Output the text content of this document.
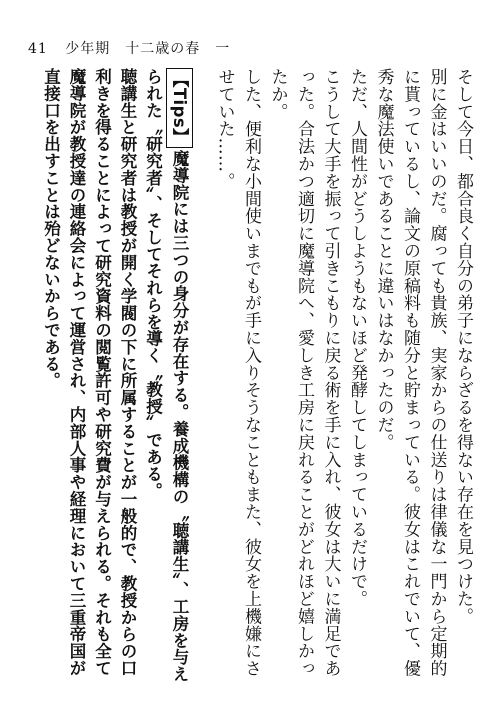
41 少年期　十二歳の春　一

そして今日、都合良く自分の弟子にならざるを得ない存在を見つけた。

別に金はいいのだ。腐っても貴族、実家からの仕送りは律儀な一門から定期的に貰っているし、論文の原稿料も随分と貯まっている。彼女はこれでいて、優秀な魔法使いであることに違いはなかったのだ。

ただ、人間性がどうしようもないほど発酵してしまっているだけで。

こうして大手を振って引きこもりに戻る術を手に入れ、彼女は大いに満足であった。合法かつ適切に魔導院へ、愛しき工房に戻れることがどれほど嬉しかったか。

した、便利な小間使いまでもが手に入りそうなこともまた、彼女を上機嫌にさせていた……。

【Tips】魔導院には三つの身分が存在する。養成機構の〝聴講生〟、工房を与えられた〝研究者〟、そしてそれらを導く〝教授〟である。

聴講生と研究者は教授が開く学閥の下に所属することが一般的で、教授からの口利きを得ることによって研究資料の閲覧許可や研究費が与えられる。それも全て魔導院が教授達の連絡会によって運営され、内部人事や経理において三重帝国が直接口を出すことは殆どないからである。
